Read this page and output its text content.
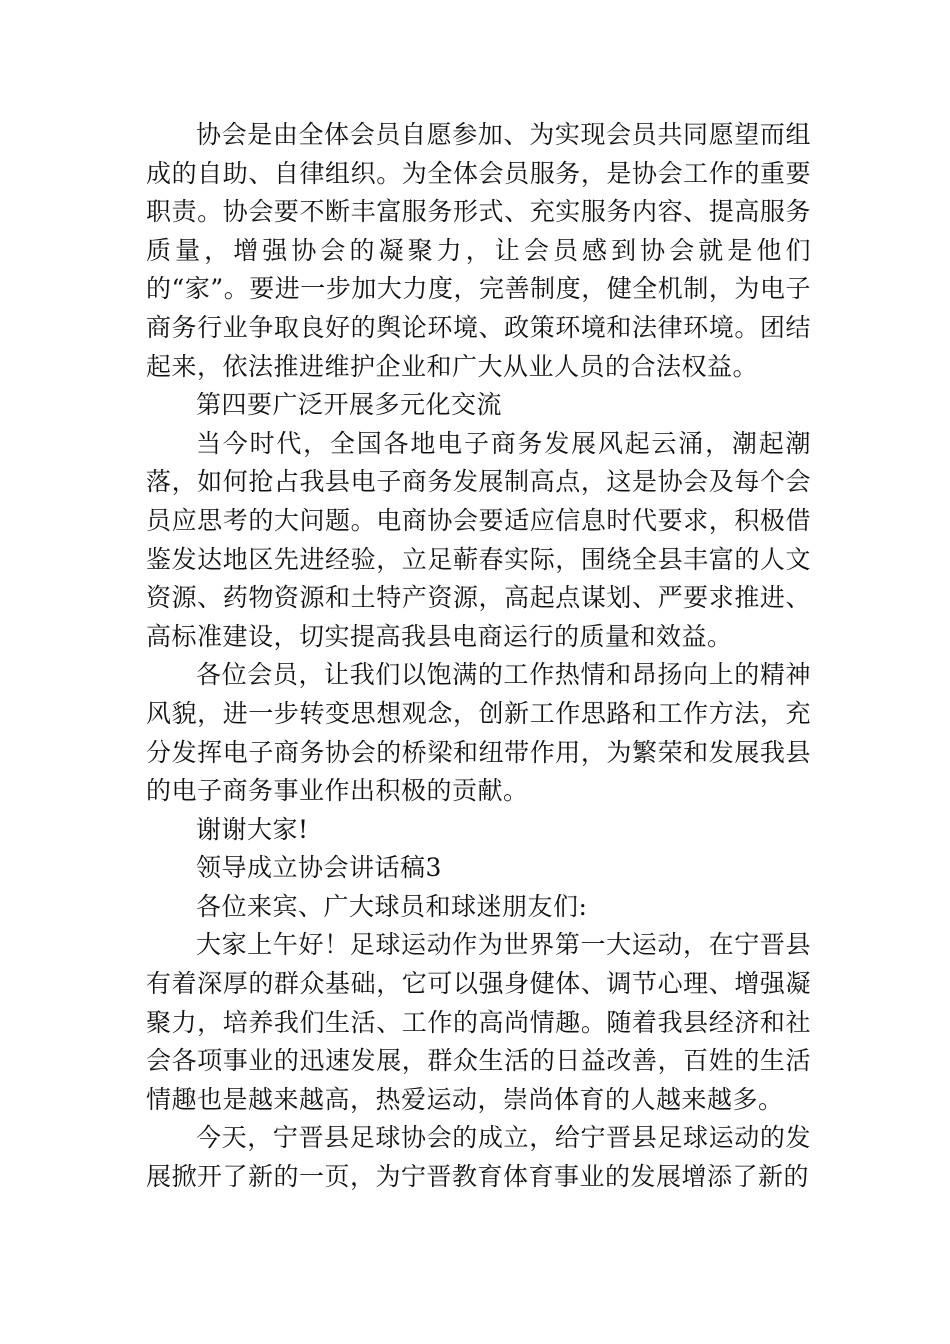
协会是由全体会员自愿参加、为实现会员共同愿望而组成的自助、自律组织。为全体会员服务，是协会工作的重要职责。协会要不断丰富服务形式、充实服务内容、提高服务质量，增强协会的凝聚力，让会员感到协会就是他们的“家”。要进一步加大力度，完善制度，健全机制，为电子商务行业争取良好的舆论环境、政策环境和法律环境。团结起来，依法推进维护企业和广大从业人员的合法权益。

第四要广泛开展多元化交流

当今时代，全国各地电子商务发展风起云涌，潮起潮落，如何抢占我县电子商务发展制高点，这是协会及每个会员应思考的大问题。电商协会要适应信息时代要求，积极借鉴发达地区先进经验，立足蕲春实际，围绕全县丰富的人文资源、药物资源和土特产资源，高起点谋划、严要求推进、高标准建设，切实提高我县电商运行的质量和效益。

各位会员，让我们以饱满的工作热情和昂扬向上的精神风貌，进一步转变思想观念，创新工作思路和工作方法，充分发挥电子商务协会的桥梁和纽带作用，为繁荣和发展我县的电子商务事业作出积极的贡献。

谢谢大家!

领导成立协会讲话稿3

各位来宾、广大球员和球迷朋友们:

大家上午好！足球运动作为世界第一大运动，在宁晋县有着深厚的群众基础，它可以强身健体、调节心理、增强凝聚力，培养我们生活、工作的高尚情趣。随着我县经济和社会各项事业的迅速发展，群众生活的日益改善，百姓的生活情趣也是越来越高，热爱运动，崇尚体育的人越来越多。

今天，宁晋县足球协会的成立，给宁晋县足球运动的发展掀开了新的一页，为宁晋教育体育事业的发展增添了新的
